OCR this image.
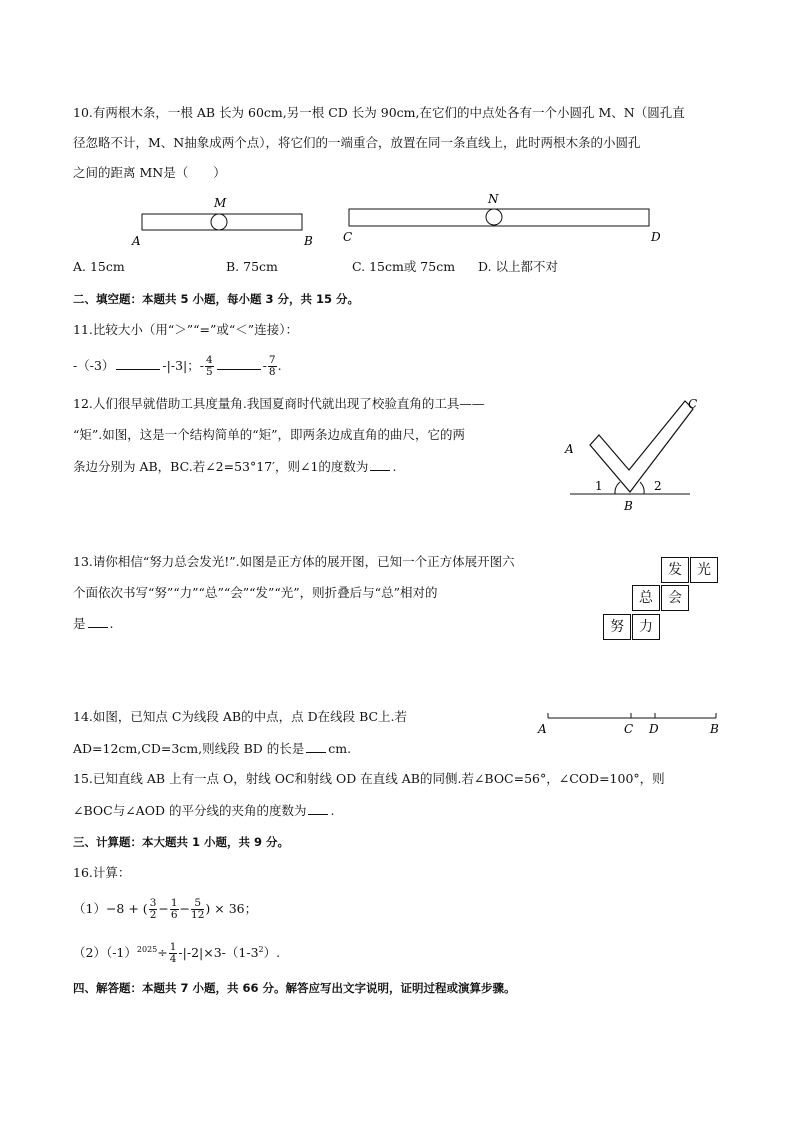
10.有两根木条，一根 AB 长为 60cm,另一根 CD 长为 90cm,在它们的中点处各有一个小圆孔 M、N（圆孔直
径忽略不计，M、N抽象成两个点），将它们的一端重合，放置在同一条直线上，此时两根木条的小圆孔
之间的距离 MN是（　　）
M
A	B
N
C	D
A. 15cm	B. 75cm	C. 15cm或 75cm D. 以上都不对
二、填空题：本题共 5 小题，每小题 3 分，共 15 分。
11.比较大小（用“＞”“=”或“＜”连接）：
-（-3）	-|-3|；- $\frac{4}{5}$	- $\frac{7}{8}$ .
12.人们很早就借助工具度量角.我国夏商时代就出现了校验直角的工具——
“矩”.如图，这是一个结构简单的“矩”，即两条边成直角的曲尺，它的两
条边分别为 AB，BC.若∠2=53°17′，则∠1的度数为 .
A
C
B
1	2
13.请你相信“努力总会发光!”.如图是正方体的展开图，已知一个正方体展开图六
个面依次书写“努”“力”“总”“会”“发”“光”，则折叠后与“总”相对的
是 .
发	光
总	会
努	力
14.如图，已知点 C为线段 AB的中点，点 D在线段 BC上.若
AD=12cm,CD=3cm,则线段 BD 的长是 cm.
A	C D	B
15.已知直线 AB 上有一点 O，射线 OC和射线 OD 在直线 AB的同侧.若∠BOC=56°，∠COD=100°，则
∠BOC与∠AOD 的平分线的夹角的度数为 .
三、计算题：本大题共 1 小题，共 9 分。
16.计算：
（1）−8 + ( $\frac{3}{2} - \frac{1}{6} - \frac{5}{12}$ ) × 36；
$(2)(-1)^{2025}\div \frac{1}{4} -|-2|\times 3-(1-3^2)$.
四、解答题：本题共 7 小题，共 66 分。解答应写出文字说明，证明过程或演算步骤。
